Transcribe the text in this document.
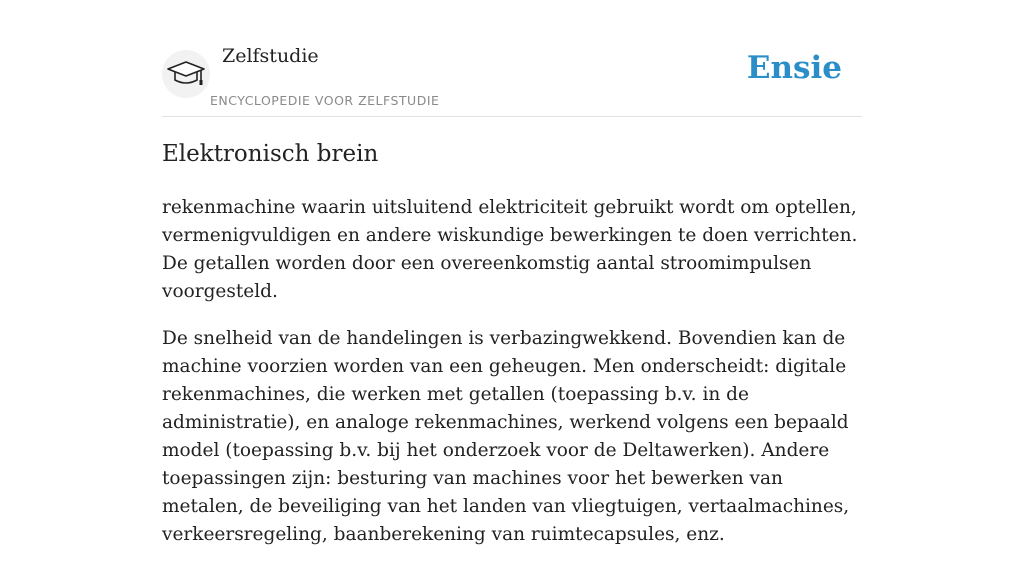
Zelfstudie
ENCYCLOPEDIE VOOR ZELFSTUDIE
Ensie
Elektronisch brein

rekenmachine waarin uitsluitend elektriciteit gebruikt wordt om optellen, vermenigvuldigen en andere wiskundige bewerkingen te doen verrichten. De getallen worden door een overeenkomstig aantal stroomimpulsen voorgesteld.

De snelheid van de handelingen is verbazingwekkend. Bovendien kan de machine voorzien worden van een geheugen. Men onderscheidt: digitale rekenmachines, die werken met getallen (toepassing b.v. in de administratie), en analoge rekenmachines, werkend volgens een bepaald model (toepassing b.v. bij het onderzoek voor de Deltawerken). Andere toepassingen zijn: besturing van machines voor het bewerken van metalen, de beveiliging van het landen van vliegtuigen, vertaalmachines, verkeersregeling, baanberekening van ruimtecapsules, enz.
